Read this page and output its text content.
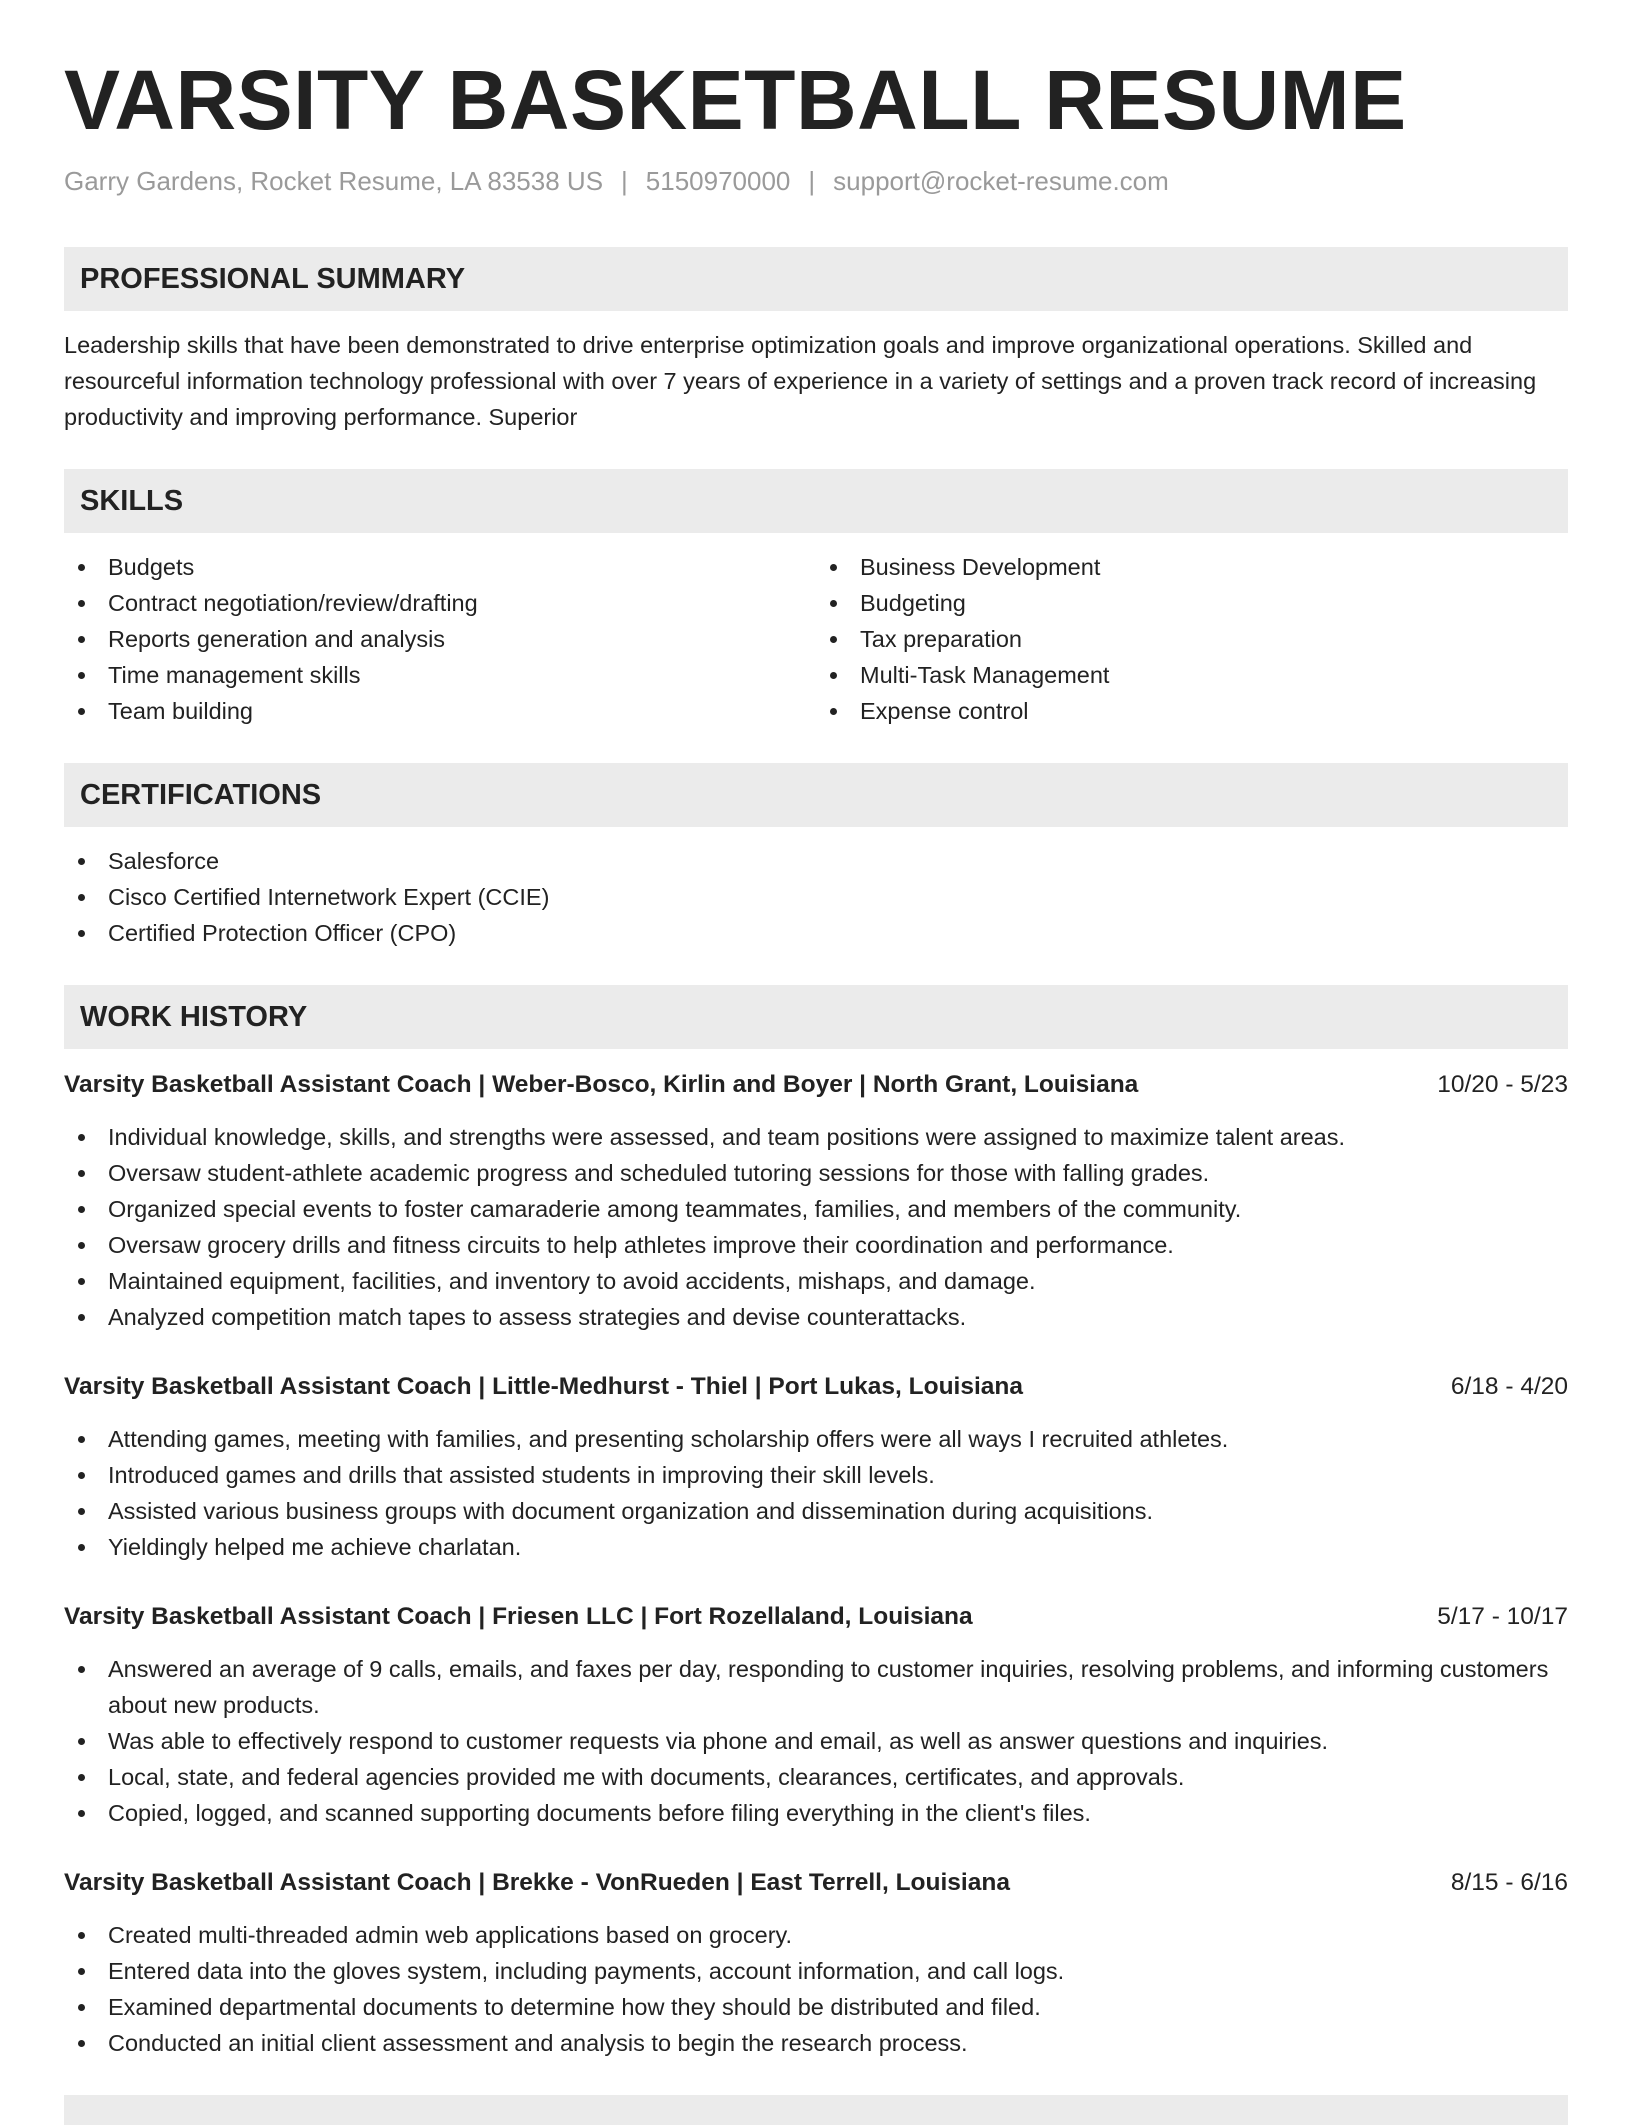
VARSITY BASKETBALL RESUME
Garry Gardens, Rocket Resume, LA 83538 US | 5150970000 | support@rocket-resume.com
PROFESSIONAL SUMMARY

Leadership skills that have been demonstrated to drive enterprise optimization goals and improve organizational operations. Skilled and resourceful information technology professional with over 7 years of experience in a variety of settings and a proven track record of increasing productivity and improving performance. Superior

SKILLS
Budgets
Contract negotiation/review/drafting
Reports generation and analysis
Time management skills
Team building
Business Development
Budgeting
Tax preparation
Multi-Task Management
Expense control
CERTIFICATIONS
Salesforce
Cisco Certified Internetwork Expert (CCIE)
Certified Protection Officer (CPO)
WORK HISTORY
Varsity Basketball Assistant Coach | Weber-Bosco, Kirlin and Boyer | North Grant, Louisiana	10/20 - 5/23
Individual knowledge, skills, and strengths were assessed, and team positions were assigned to maximize talent areas.
Oversaw student-athlete academic progress and scheduled tutoring sessions for those with falling grades.
Organized special events to foster camaraderie among teammates, families, and members of the community.
Oversaw grocery drills and fitness circuits to help athletes improve their coordination and performance.
Maintained equipment, facilities, and inventory to avoid accidents, mishaps, and damage.
Analyzed competition match tapes to assess strategies and devise counterattacks.
Varsity Basketball Assistant Coach | Little-Medhurst - Thiel | Port Lukas, Louisiana	6/18 - 4/20
Attending games, meeting with families, and presenting scholarship offers were all ways I recruited athletes.
Introduced games and drills that assisted students in improving their skill levels.
Assisted various business groups with document organization and dissemination during acquisitions.
Yieldingly helped me achieve charlatan.
Varsity Basketball Assistant Coach | Friesen LLC | Fort Rozellaland, Louisiana	5/17 - 10/17
Answered an average of 9 calls, emails, and faxes per day, responding to customer inquiries, resolving problems, and informing customers about new products.
Was able to effectively respond to customer requests via phone and email, as well as answer questions and inquiries.
Local, state, and federal agencies provided me with documents, clearances, certificates, and approvals.
Copied, logged, and scanned supporting documents before filing everything in the client's files.
Varsity Basketball Assistant Coach | Brekke - VonRueden | East Terrell, Louisiana	8/15 - 6/16
Created multi-threaded admin web applications based on grocery.
Entered data into the gloves system, including payments, account information, and call logs.
Examined departmental documents to determine how they should be distributed and filed.
Conducted an initial client assessment and analysis to begin the research process.
